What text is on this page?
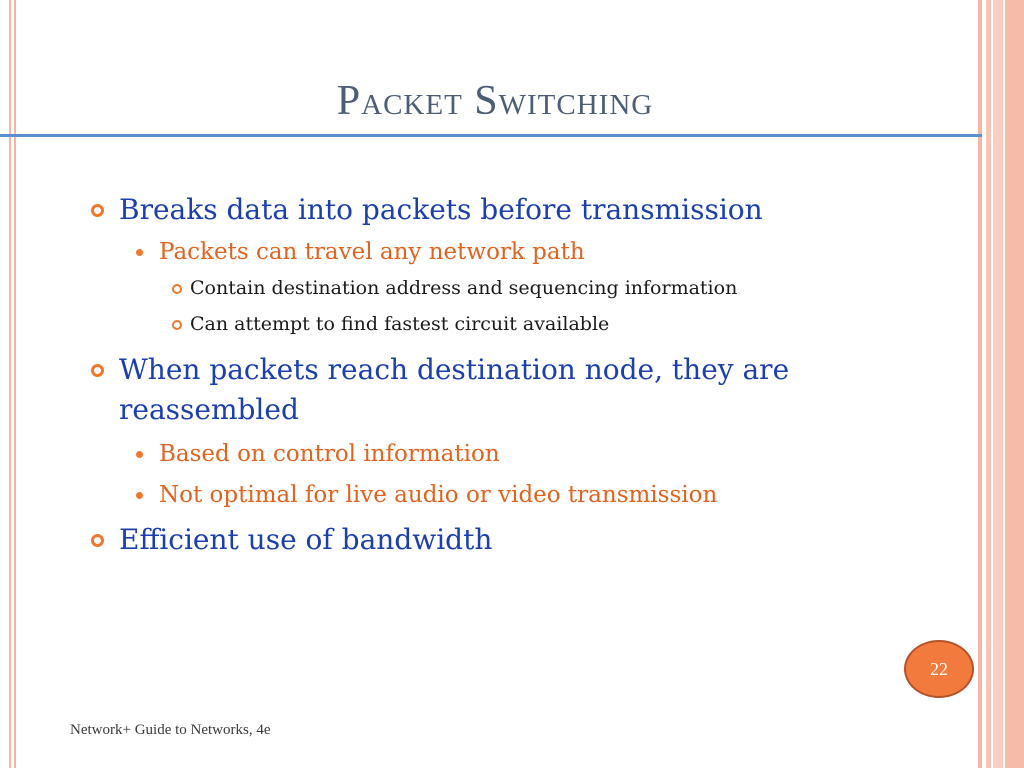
Packet Switching
Breaks data into packets before transmission
Packets can travel any network path
Contain destination address and sequencing information
Can attempt to find fastest circuit available
When packets reach destination node, they are reassembled
Based on control information
Not optimal for live audio or video transmission
Efficient use of bandwidth
22
Network+ Guide to Networks, 4e
